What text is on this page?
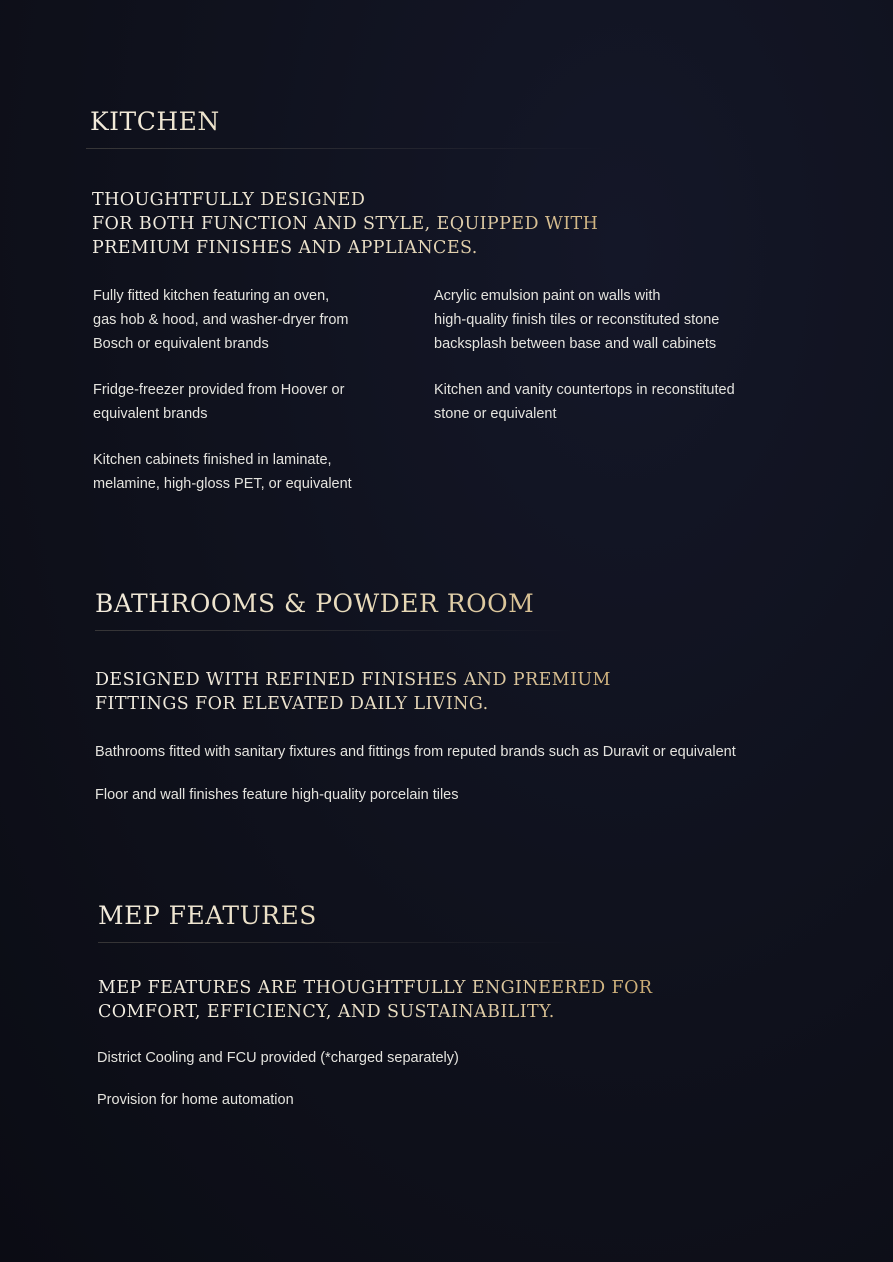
KITCHEN

THOUGHTFULLY DESIGNED
FOR BOTH FUNCTION AND STYLE, EQUIPPED WITH
PREMIUM FINISHES AND APPLIANCES.

Fully fitted kitchen featuring an oven,
gas hob & hood, and washer-dryer from
Bosch or equivalent brands

Fridge-freezer provided from Hoover or
equivalent brands

Kitchen cabinets finished in laminate,
melamine, high-gloss PET, or equivalent

Acrylic emulsion paint on walls with
high-quality finish tiles or reconstituted stone
backsplash between base and wall cabinets

Kitchen and vanity countertops in reconstituted
stone or equivalent

BATHROOMS & POWDER ROOM

DESIGNED WITH REFINED FINISHES AND PREMIUM
FITTINGS FOR ELEVATED DAILY LIVING.

Bathrooms fitted with sanitary fixtures and fittings from reputed brands such as Duravit or equivalent

Floor and wall finishes feature high-quality porcelain tiles

MEP FEATURES

MEP FEATURES ARE THOUGHTFULLY ENGINEERED FOR
COMFORT, EFFICIENCY, AND SUSTAINABILITY.

District Cooling and FCU provided (*charged separately)

Provision for home automation
